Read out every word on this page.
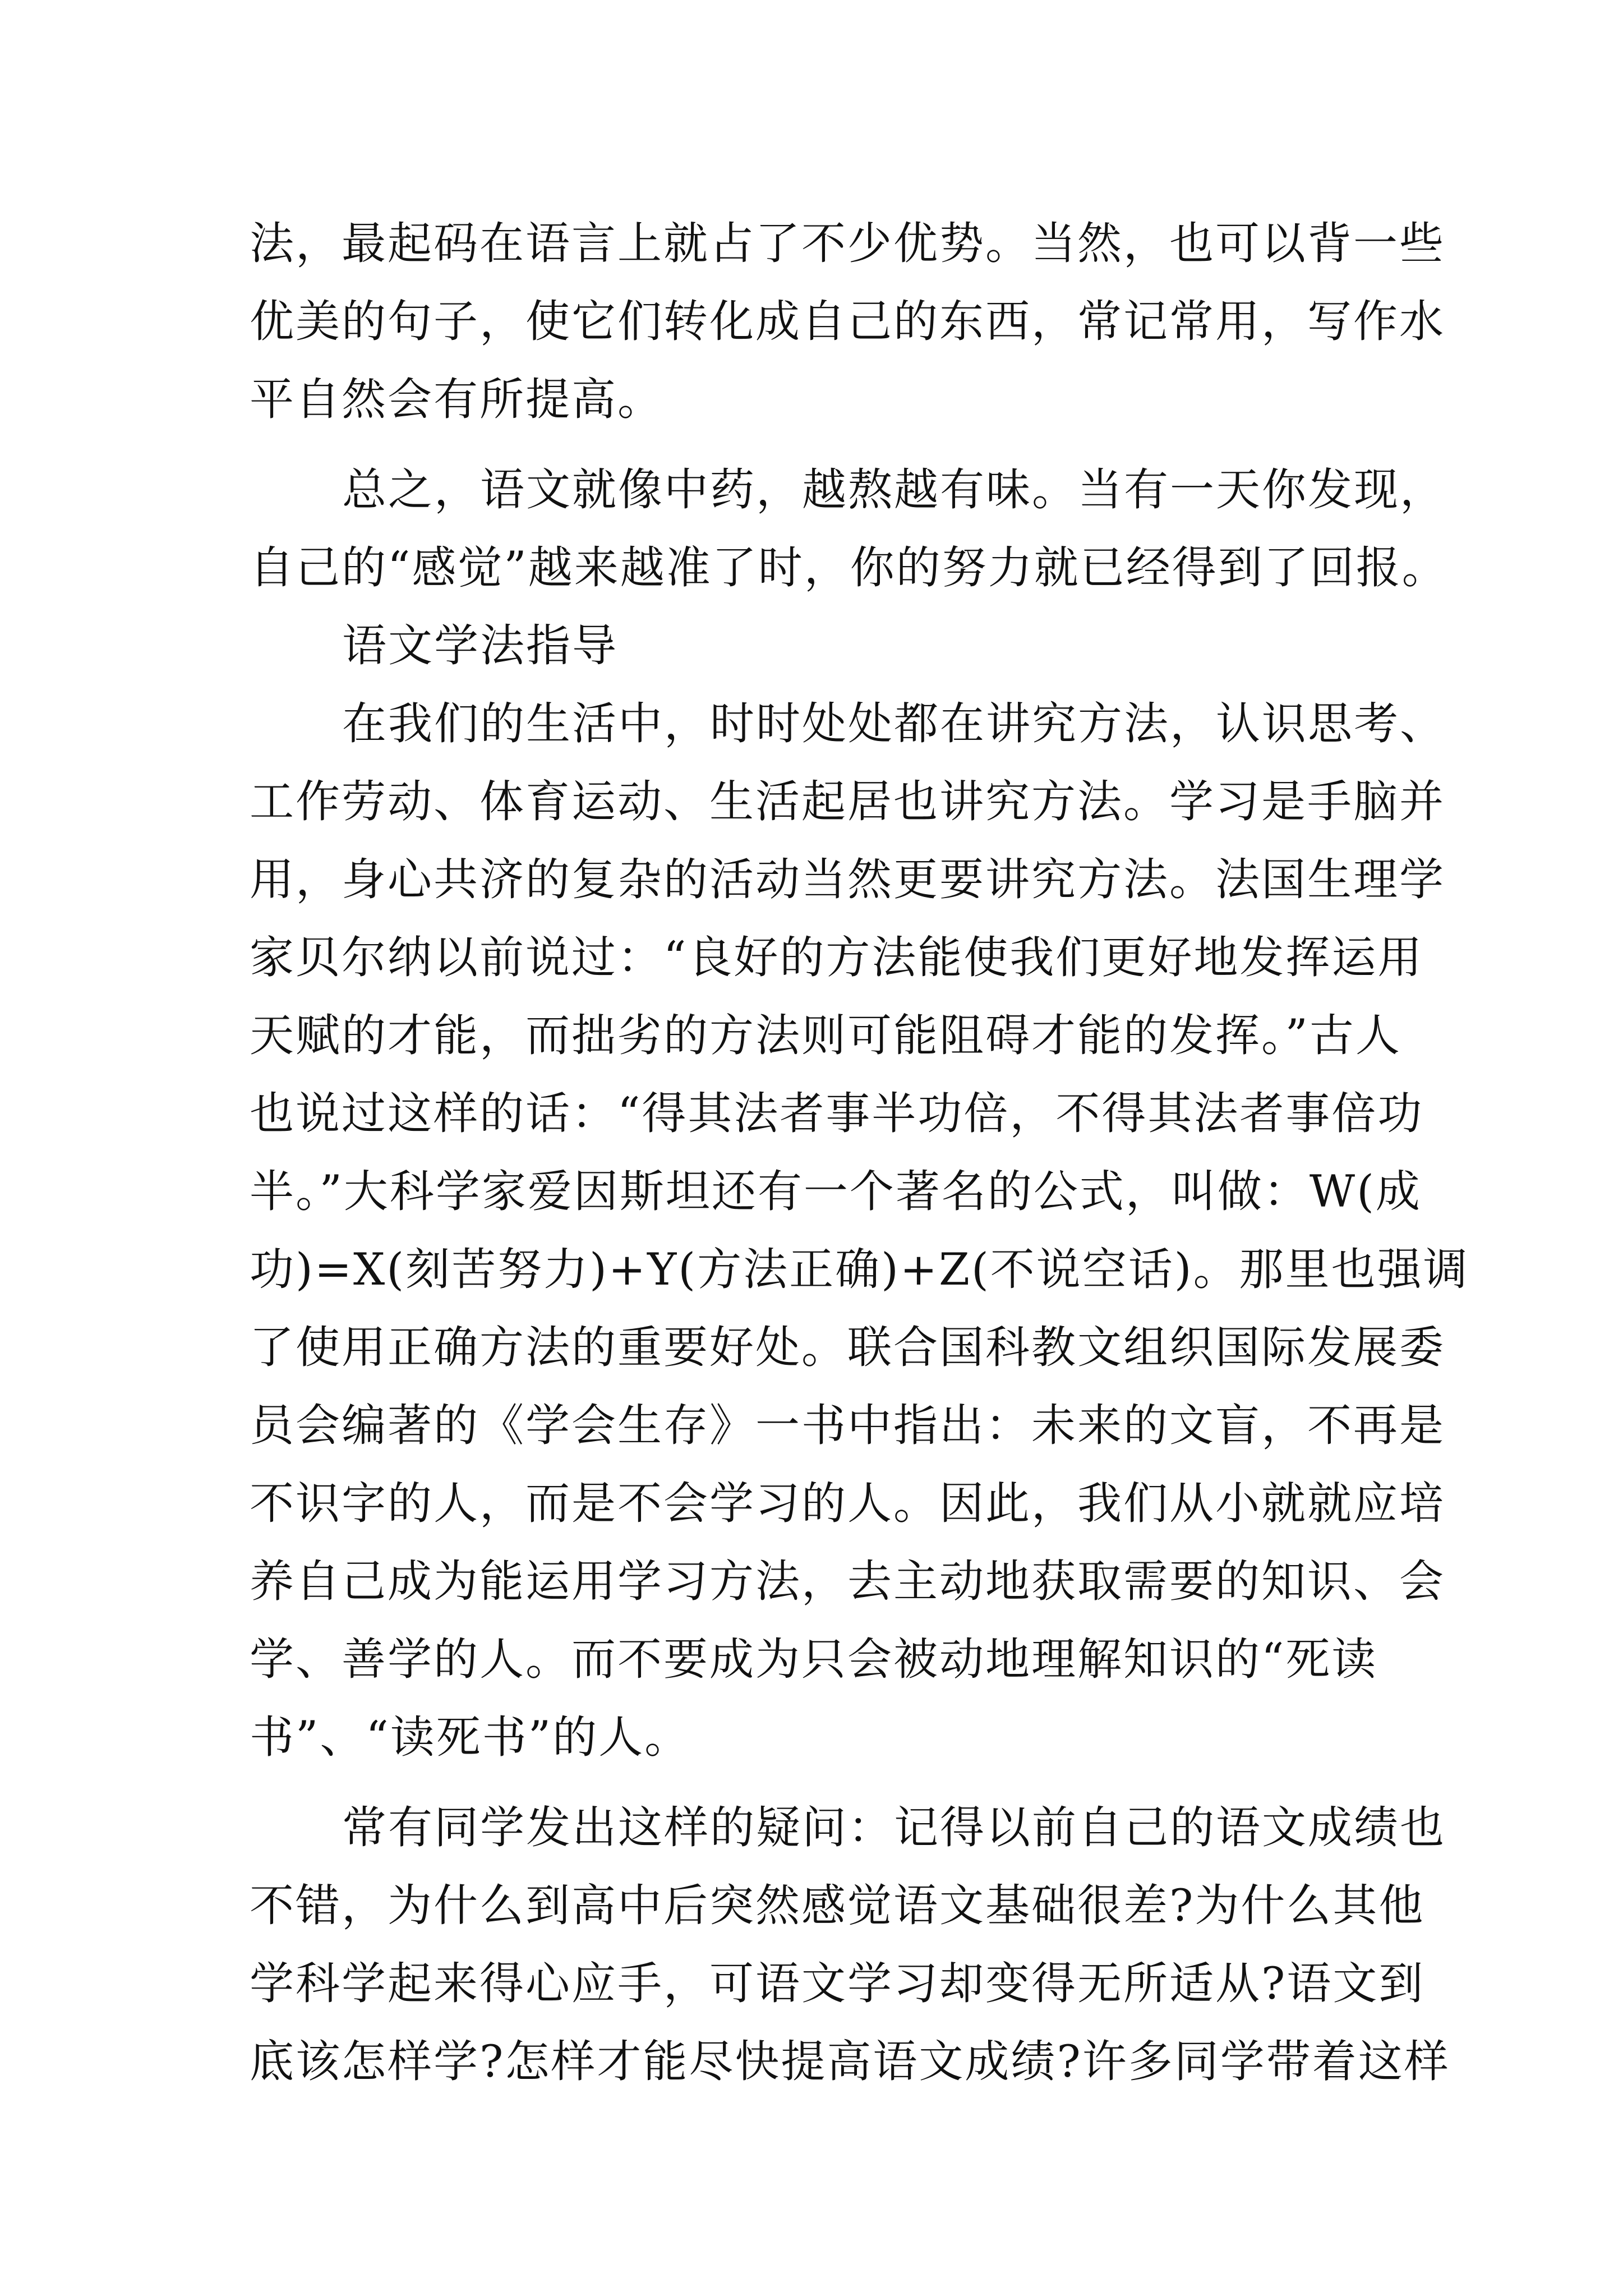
法，最起码在语言上就占了不少优势。当然，也可以背一些
优美的句子，使它们转化成自己的东西，常记常用，写作水
平自然会有所提高。
总之，语文就像中药，越熬越有味。当有一天你发现，
自己的“感觉”越来越准了时，你的努力就已经得到了回报。
语文学法指导
在我们的生活中，时时处处都在讲究方法，认识思考、
工作劳动、体育运动、生活起居也讲究方法。学习是手脑并
用，身心共济的复杂的活动当然更要讲究方法。法国生理学
家贝尔纳以前说过：“良好的方法能使我们更好地发挥运用
天赋的才能，而拙劣的方法则可能阻碍才能的发挥。”古人
也说过这样的话：“得其法者事半功倍，不得其法者事倍功
半。”大科学家爱因斯坦还有一个著名的公式，叫做：W(成
功)=X(刻苦努力)+Y(方法正确)+Z(不说空话)。那里也强调
了使用正确方法的重要好处。联合国科教文组织国际发展委
员会编著的《学会生存》一书中指出：未来的文盲，不再是
不识字的人，而是不会学习的人。因此，我们从小就就应培
养自己成为能运用学习方法，去主动地获取需要的知识、会
学、善学的人。而不要成为只会被动地理解知识的“死读
书”、“读死书”的人。
常有同学发出这样的疑问：记得以前自己的语文成绩也
不错，为什么到高中后突然感觉语文基础很差?为什么其他
学科学起来得心应手，可语文学习却变得无所适从?语文到
底该怎样学?怎样才能尽快提高语文成绩?许多同学带着这样
